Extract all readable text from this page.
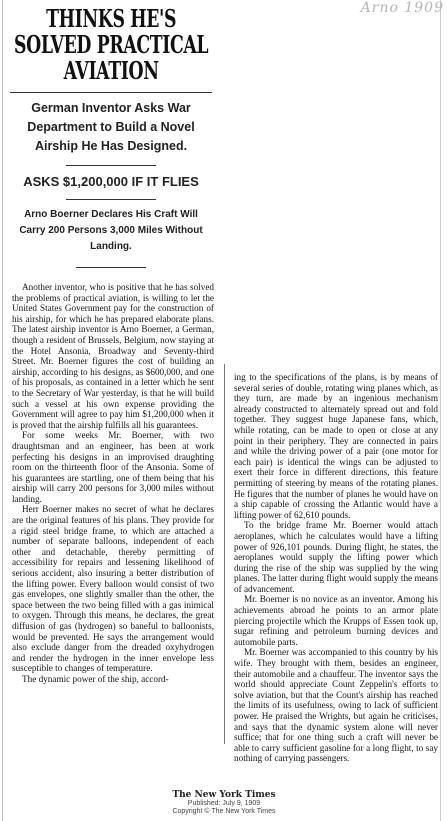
Arno 1909
THINKS HE'S SOLVED PRACTICAL AVIATION
German Inventor Asks War Department to Build a Novel Airship He Has Designed.
ASKS $1,200,000 IF IT FLIES
Arno Boerner Declares His Craft Will Carry 200 Persons 3,000 Miles Without Landing.

Another inventor, who is positive that he has solved the problems of practical aviation, is willing to let the United States Government pay for the construction of his airship, for which he has prepared elaborate plans. The latest airship inventor is Arno Boerner, a German, though a resident of Brussels, Belgium, now staying at the Hotel Ansonia, Broadway and Seventy-third Street. Mr. Boerner figures the cost of building an airship, according to his designs, as $600,000, and one of his proposals, as contained in a letter which he sent to the Secretary of War yesterday, is that he will build such a vessel at his own expense providing the Government will agree to pay him $1,200,000 when it is proved that the airship fulfills all his guarantees.

For some weeks Mr. Boerner, with two draughtsman and an engineer, has been at work perfecting his designs in an improvised draughting room on the thirteenth floor of the Ansonia. Some of his guarantees are startling, one of them being that his airship will carry 200 persons for 3,000 miles without landing.

Herr Boerner makes no secret of what he declares are the original features of his plans. They provide for a rigid steel bridge frame, to which are attached a number of separate balloons, independent of each other and detachable, thereby permitting of accessibility for repairs and lessening likelihood of serious accident, also insuring a better distribution of the lifting power. Every balloon would consist of two gas envelopes, one slightly smaller than the other, the space between the two being filled with a gas inimical to oxygen. Through this means, he declares, the great diffusion of gas (hydrogen) so baneful to balloonists, would be prevented. He says the arrangement would also exclude danger from the dreaded oxyhydrogen and render the hydrogen in the inner envelope less susceptible to changes of temperature.

The dynamic power of the ship, accord-

ing to the specifications of the plans, is by means of several series of double, rotating wing planes which, as they turn, are made by an ingenious mechanism already constructed to alternately spread out and fold together. They suggest huge Japanese fans, which, while rotating, can be made to open or close at any point in their periphery. They are connected in pairs and while the driving power of a pair (one motor for each pair) is identical the wings can be adjusted to exert their force in different directions, this feature permitting of steering by means of the rotating planes. He figures that the number of planes he would have on a ship capable of crossing the Atlantic would have a lifting power of 62,610 pounds.

To the bridge frame Mr. Boerner would attach aeroplanes, which he calculates would have a lifting power of 926,101 pounds. During flight, he states, the aeroplanes would supply the lifting power which during the rise of the ship was supplied by the wing planes. The latter during flight would supply the means of advancement.

Mr. Boerner is no novice as an inventor. Among his achievements abroad he points to an armor plate piercing projectile which the Krupps of Essen took up, sugar refining and petroleum burning devices and automobile parts.

Mr. Boerner was accompanied to this country by his wife. They brought with them, besides an engineer, their automobile and a chauffeur. The inventor says the world should appreciate Count Zeppelin's efforts to solve aviation, but that the Count's airship has reached the limits of its usefulness, owing to lack of sufficient power. He praised the Wrights, but again he criticises, and says that the dynamic system alone will never suffice; that for one thing such a craft will never be able to carry sufficient gasoline for a long flight, to say nothing of carrying passengers.

The New York Times
Published: July 9, 1909
Copyright © The New York Times
